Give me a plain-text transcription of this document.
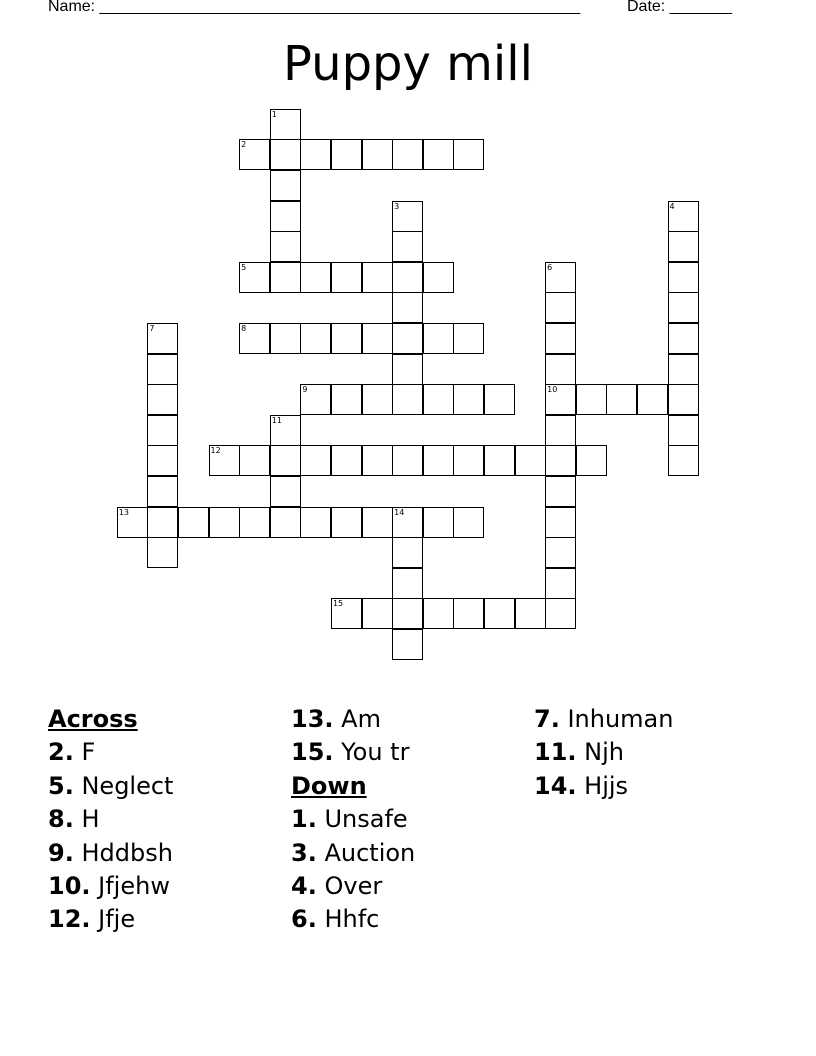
Name: ______________________________________________________	Date: _______
Puppy mill
1
2
3	4
5	6
10
7	8
9
11
12
13	14
15
Across
2. F
5. Neglect
8. H
9. Hddbsh
10. Jfjehw
12. Jfje
13. Am
15. You tr
Down
1. Unsafe
3. Auction
4. Over
6. Hhfc
7. Inhuman
11. Njh
14. Hjjs
